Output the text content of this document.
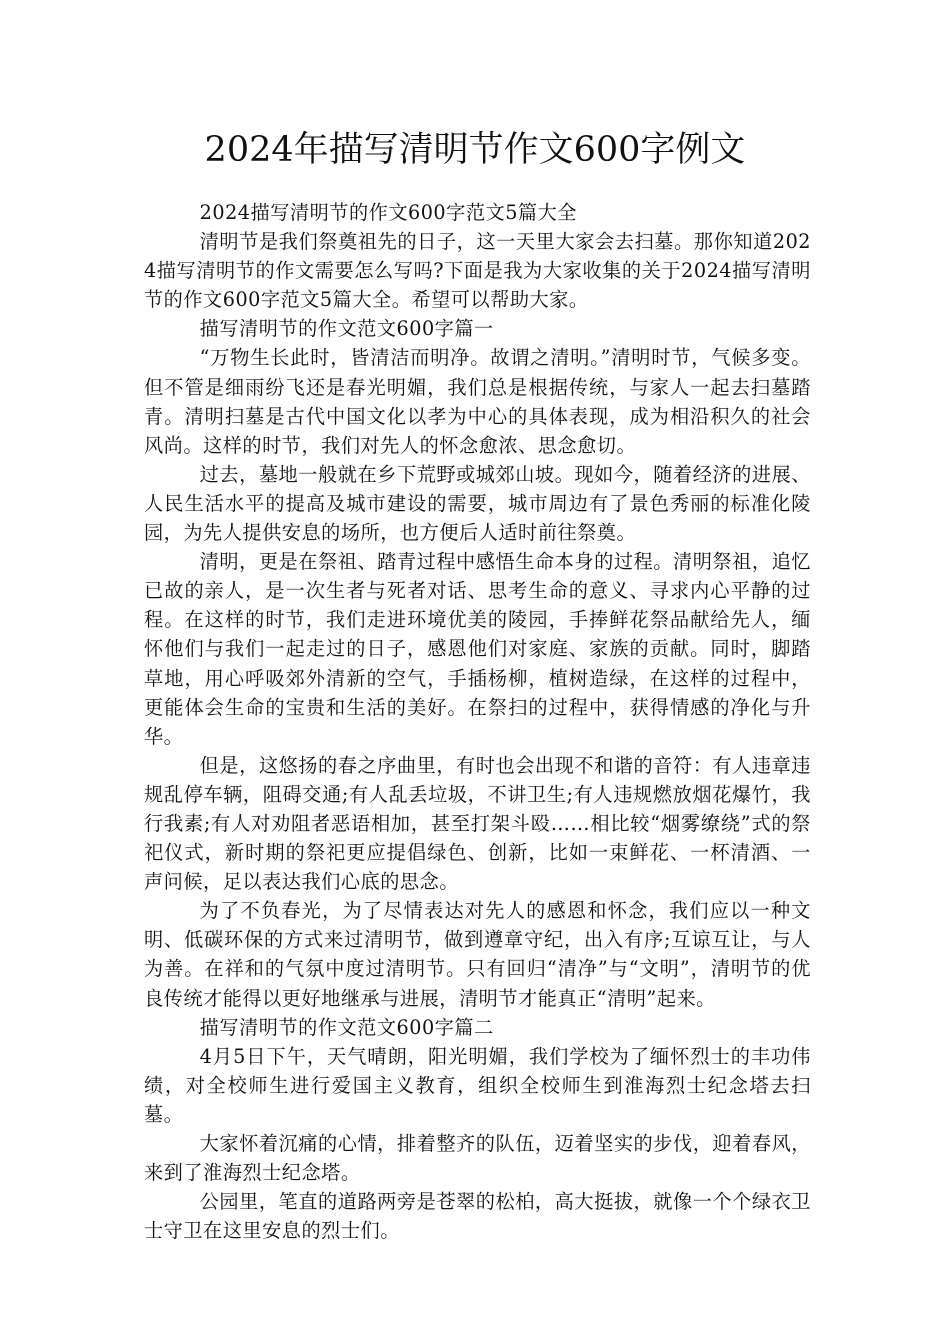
2024年描写清明节作文600字例文

2024描写清明节的作文600字范文5篇大全

清明节是我们祭奠祖先的日子，这一天里大家会去扫墓。那你知道2024描写清明节的作文需要怎么写吗?下面是我为大家收集的关于2024描写清明节的作文600字范文5篇大全。希望可以帮助大家。

描写清明节的作文范文600字篇一

“万物生长此时，皆清洁而明净。故谓之清明。”清明时节，气候多变。但不管是细雨纷飞还是春光明媚，我们总是根据传统，与家人一起去扫墓踏青。清明扫墓是古代中国文化以孝为中心的具体表现，成为相沿积久的社会风尚。这样的时节，我们对先人的怀念愈浓、思念愈切。

过去，墓地一般就在乡下荒野或城郊山坡。现如今，随着经济的进展、人民生活水平的提高及城市建设的需要，城市周边有了景色秀丽的标准化陵园，为先人提供安息的场所，也方便后人适时前往祭奠。

清明，更是在祭祖、踏青过程中感悟生命本身的过程。清明祭祖，追忆已故的亲人，是一次生者与死者对话、思考生命的意义、寻求内心平静的过程。在这样的时节，我们走进环境优美的陵园，手捧鲜花祭品献给先人，缅怀他们与我们一起走过的日子，感恩他们对家庭、家族的贡献。同时，脚踏草地，用心呼吸郊外清新的空气，手插杨柳，植树造绿，在这样的过程中，更能体会生命的宝贵和生活的美好。在祭扫的过程中，获得情感的净化与升华。

但是，这悠扬的春之序曲里，有时也会出现不和谐的音符：有人违章违规乱停车辆，阻碍交通;有人乱丢垃圾，不讲卫生;有人违规燃放烟花爆竹，我行我素;有人对劝阻者恶语相加，甚至打架斗殴……相比较“烟雾缭绕”式的祭祀仪式，新时期的祭祀更应提倡绿色、创新，比如一束鲜花、一杯清酒、一声问候，足以表达我们心底的思念。

为了不负春光，为了尽情表达对先人的感恩和怀念，我们应以一种文明、低碳环保的方式来过清明节，做到遵章守纪，出入有序;互谅互让，与人为善。在祥和的气氛中度过清明节。只有回归“清净”与“文明”，清明节的优良传统才能得以更好地继承与进展，清明节才能真正“清明”起来。

描写清明节的作文范文600字篇二

4月5日下午，天气晴朗，阳光明媚，我们学校为了缅怀烈士的丰功伟绩，对全校师生进行爱国主义教育，组织全校师生到淮海烈士纪念塔去扫墓。

大家怀着沉痛的心情，排着整齐的队伍，迈着坚实的步伐，迎着春风，来到了淮海烈士纪念塔。

公园里，笔直的道路两旁是苍翠的松柏，高大挺拔，就像一个个绿衣卫士守卫在这里安息的烈士们。
